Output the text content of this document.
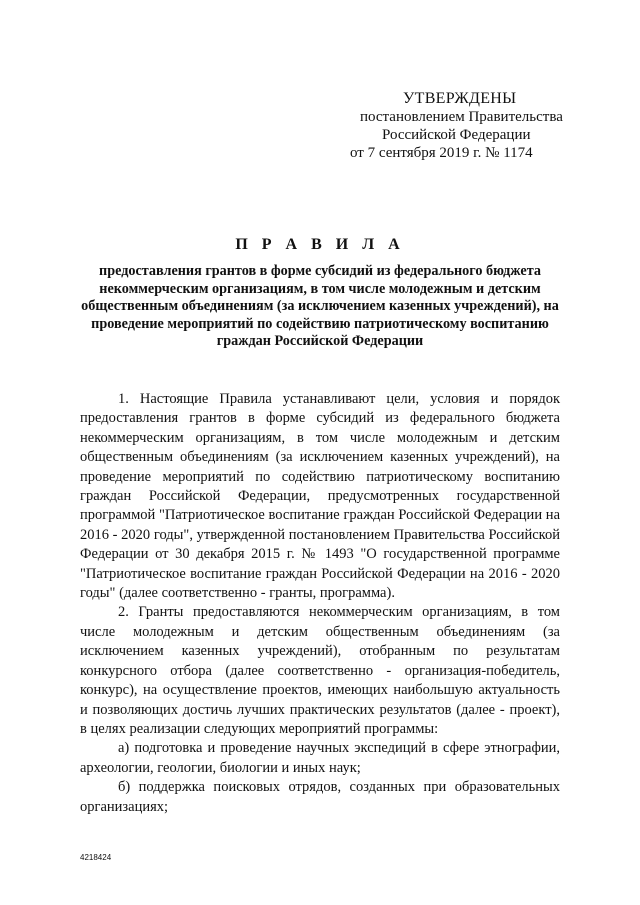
УТВЕРЖДЕНЫ
постановлением Правительства
Российской Федерации
от 7 сентября 2019 г. № 1174
П Р А В И Л А
предоставления грантов в форме субсидий из федерального бюджета некоммерческим организациям, в том числе молодежным и детским общественным объединениям (за исключением казенных учреждений), на проведение мероприятий по содействию патриотическому воспитанию граждан Российской Федерации

1. Настоящие Правила устанавливают цели, условия и порядок предоставления грантов в форме субсидий из федерального бюджета некоммерческим организациям, в том числе молодежным и детским общественным объединениям (за исключением казенных учреждений), на проведение мероприятий по содействию патриотическому воспитанию граждан Российской Федерации, предусмотренных государственной программой "Патриотическое воспитание граждан Российской Федерации на 2016 - 2020 годы", утвержденной постановлением Правительства Российской Федерации от 30 декабря 2015 г. № 1493 "О государственной программе "Патриотическое воспитание граждан Российской Федерации на 2016 - 2020 годы" (далее соответственно - гранты, программа).

2. Гранты предоставляются некоммерческим организациям, в том числе молодежным и детским общественным объединениям (за исключением казенных учреждений), отобранным по результатам конкурсного отбора (далее соответственно - организация-победитель, конкурс), на осуществление проектов, имеющих наибольшую актуальность и позволяющих достичь лучших практических результатов (далее - проект), в целях реализации следующих мероприятий программы:

а) подготовка и проведение научных экспедиций в сфере этнографии, археологии, геологии, биологии и иных наук;

б) поддержка поисковых отрядов, созданных при образовательных организациях;

4218424
